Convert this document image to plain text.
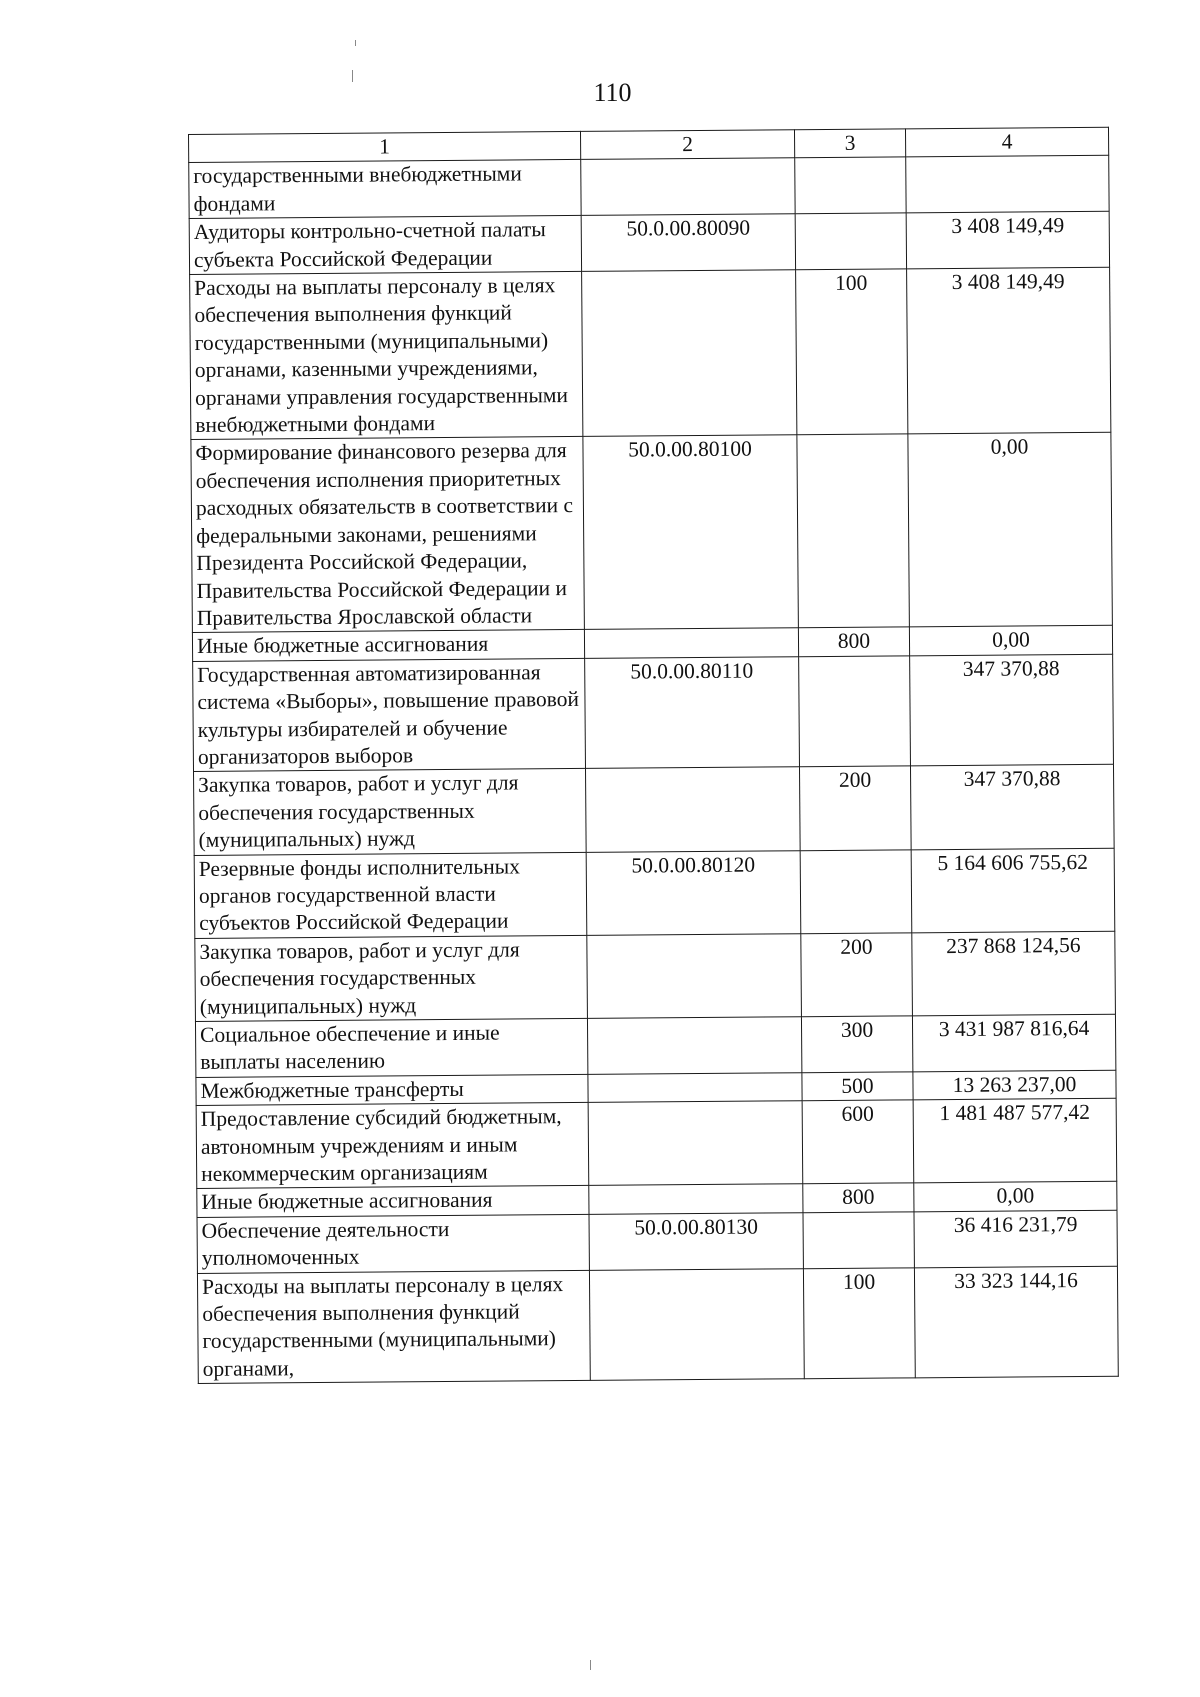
110
1	2	3	4
государственными внебюджетными фондами			
Аудиторы контрольно-счетной палаты субъекта Российской Федерации	50.0.00.80090		3 408 149,49
Расходы на выплаты персоналу в целях обеспечения выполнения функций государственными (муниципальными) органами, казенными учреждениями, органами управления государственными внебюджетными фондами		100	3 408 149,49
Формирование финансового резерва для обеспечения исполнения приоритетных расходных обязательств в соответствии с федеральными законами, решениями Президента Российской Федерации, Правительства Российской Федерации и Правительства Ярославской области	50.0.00.80100		0,00
Иные бюджетные ассигнования		800	0,00
Государственная автоматизированная система «Выборы», повышение правовой культуры избирателей и обучение организаторов выборов	50.0.00.80110		347 370,88
Закупка товаров, работ и услуг для обеспечения государственных (муниципальных) нужд		200	347 370,88
Резервные фонды исполнительных органов государственной власти субъектов Российской Федерации	50.0.00.80120		5 164 606 755,62
Закупка товаров, работ и услуг для обеспечения государственных (муниципальных) нужд		200	237 868 124,56
Социальное обеспечение и иные выплаты населению		300	3 431 987 816,64
Межбюджетные трансферты		500	13 263 237,00
Предоставление субсидий бюджетным, автономным учреждениям и иным некоммерческим организациям		600	1 481 487 577,42
Иные бюджетные ассигнования		800	0,00
Обеспечение деятельности уполномоченных	50.0.00.80130		36 416 231,79
Расходы на выплаты персоналу в целях обеспечения выполнения функций государственными (муниципальными) органами,		100	33 323 144,16
